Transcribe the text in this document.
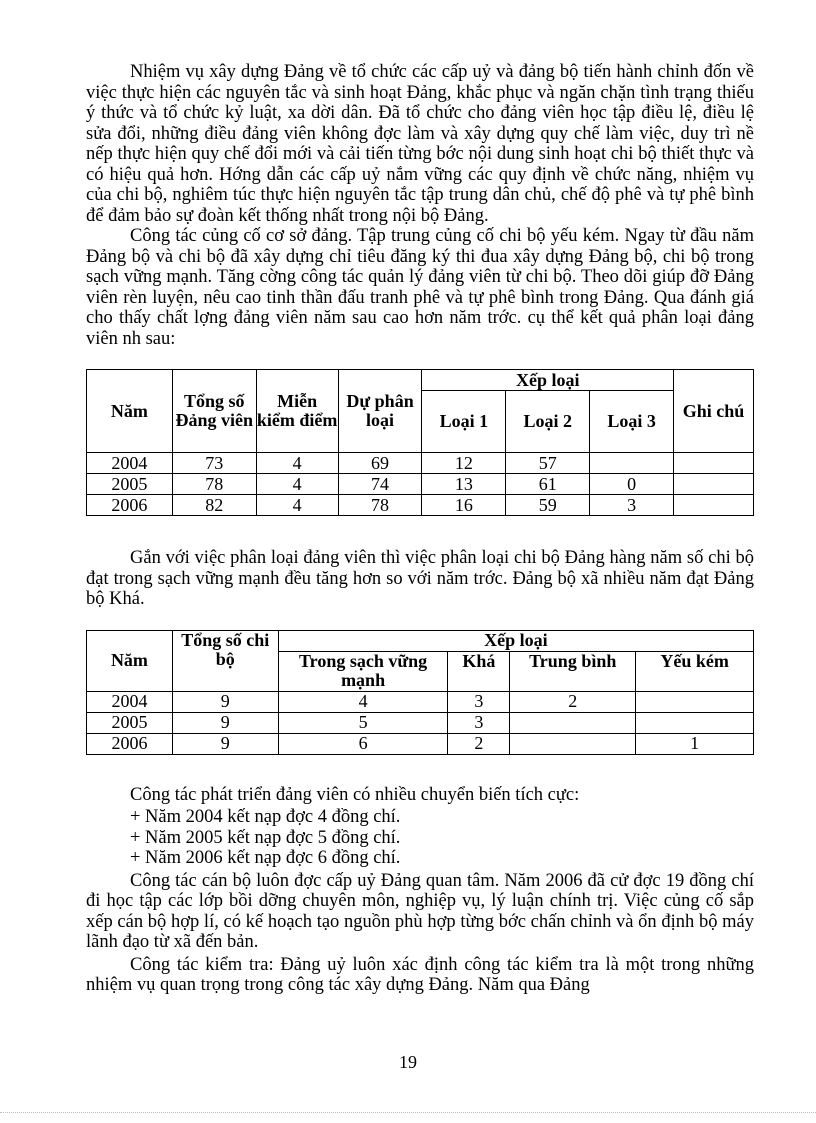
Nhiệm vụ xây dựng Đảng về tổ chức các cấp uỷ và đảng bộ tiến hành chỉnh đốn về việc thực hiện các nguyên tắc và sinh hoạt Đảng, khắc phục và ngăn chặn tình trạng thiếu ý thức và tổ chức kỷ luật, xa dời dân. Đã tổ chức cho đảng viên học tập điều lệ, điều lệ sửa đổi, những điều đảng viên không đợc làm và xây dựng quy chế làm việc, duy trì nề nếp thực hiện quy chế đổi mới và cải tiến từng bớc nội dung sinh hoạt chi bộ thiết thực và có hiệu quả hơn. Hớng dẫn các cấp uỷ nắm vững các quy định về chức năng, nhiệm vụ của chi bộ, nghiêm túc thực hiện nguyên tắc tập trung dân chủ, chế độ phê và tự phê bình để đảm bảo sự đoàn kết thống nhất trong nội bộ Đảng.

Công tác củng cố cơ sở đảng. Tập trung củng cố chi bộ yếu kém. Ngay từ đầu năm Đảng bộ và chi bộ đã xây dựng chỉ tiêu đăng ký thi đua xây dựng Đảng bộ, chi bộ trong sạch vững mạnh. Tăng cờng công tác quản lý đảng viên từ chi bộ. Theo dõi giúp đỡ Đảng viên rèn luyện, nêu cao tinh thần đấu tranh phê và tự phê bình trong Đảng. Qua đánh giá cho thấy chất lợng đảng viên năm sau cao hơn năm trớc. cụ thể kết quả phân loại đảng viên nh sau:

Năm	Tổng số Đảng viên	Miễn kiểm điểm	Dự phân loại	Xếp loại			Ghi chú
				Loại 1	Loại 2	Loại 3	
2004	73	4	69	12	57		
2005	78	4	74	13	61	0	
2006	82	4	78	16	59	3	

Gắn với việc phân loại đảng viên thì việc phân loại chi bộ Đảng hàng năm số chi bộ đạt trong sạch vững mạnh đều tăng hơn so với năm trớc. Đảng bộ xã nhiều năm đạt Đảng bộ Khá.

Năm	Tổng số chi bộ	Xếp loại			
		Trong sạch vững mạnh	Khá	Trung bình	Yếu kém
2004	9	4	3	2	
2005	9	5	3		
2006	9	6	2		1

Công tác phát triển đảng viên có nhiều chuyển biến tích cực:

+ Năm 2004 kết nạp đợc 4 đồng chí.
+ Năm 2005 kết nạp đợc 5 đồng chí.
+ Năm 2006 kết nạp đợc 6 đồng chí.

Công tác cán bộ luôn đợc cấp uỷ Đảng quan tâm. Năm 2006 đã cử đợc 19 đồng chí đi học tập các lớp bồi dỡng chuyên môn, nghiệp vụ, lý luận chính trị. Việc củng cố sắp xếp cán bộ hợp lí, có kế hoạch tạo nguồn phù hợp từng bớc chấn chỉnh và ổn định bộ máy lãnh đạo từ xã đến bản.

Công tác kiểm tra: Đảng uỷ luôn xác định công tác kiểm tra là một trong những nhiệm vụ quan trọng trong công tác xây dựng Đảng. Năm qua Đảng

19
